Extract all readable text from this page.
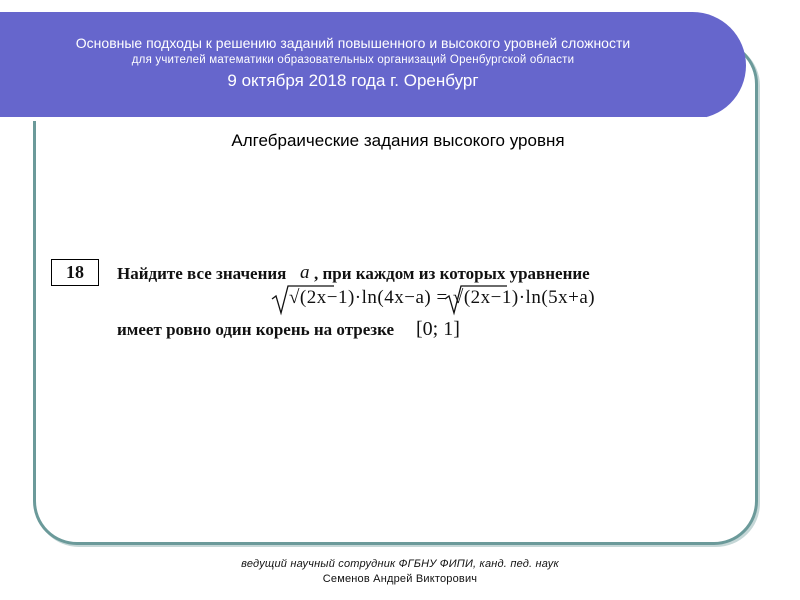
Основные подходы к решению заданий повышенного и высокого уровней сложности
для учителей математики образовательных организаций Оренбургской области
9 октября 2018 года г. Оренбург
Алгебраические задания высокого уровня
18	Найдите все значения a , при каждом из которых уравнение
√(2x−1)·ln(4x−a) = √(2x−1)·ln(5x+a)
имеет ровно один корень на отрезке [0; 1]
ведущий научный сотрудник ФГБНУ ФИПИ, канд. пед. наук
Семенов Андрей Викторович
